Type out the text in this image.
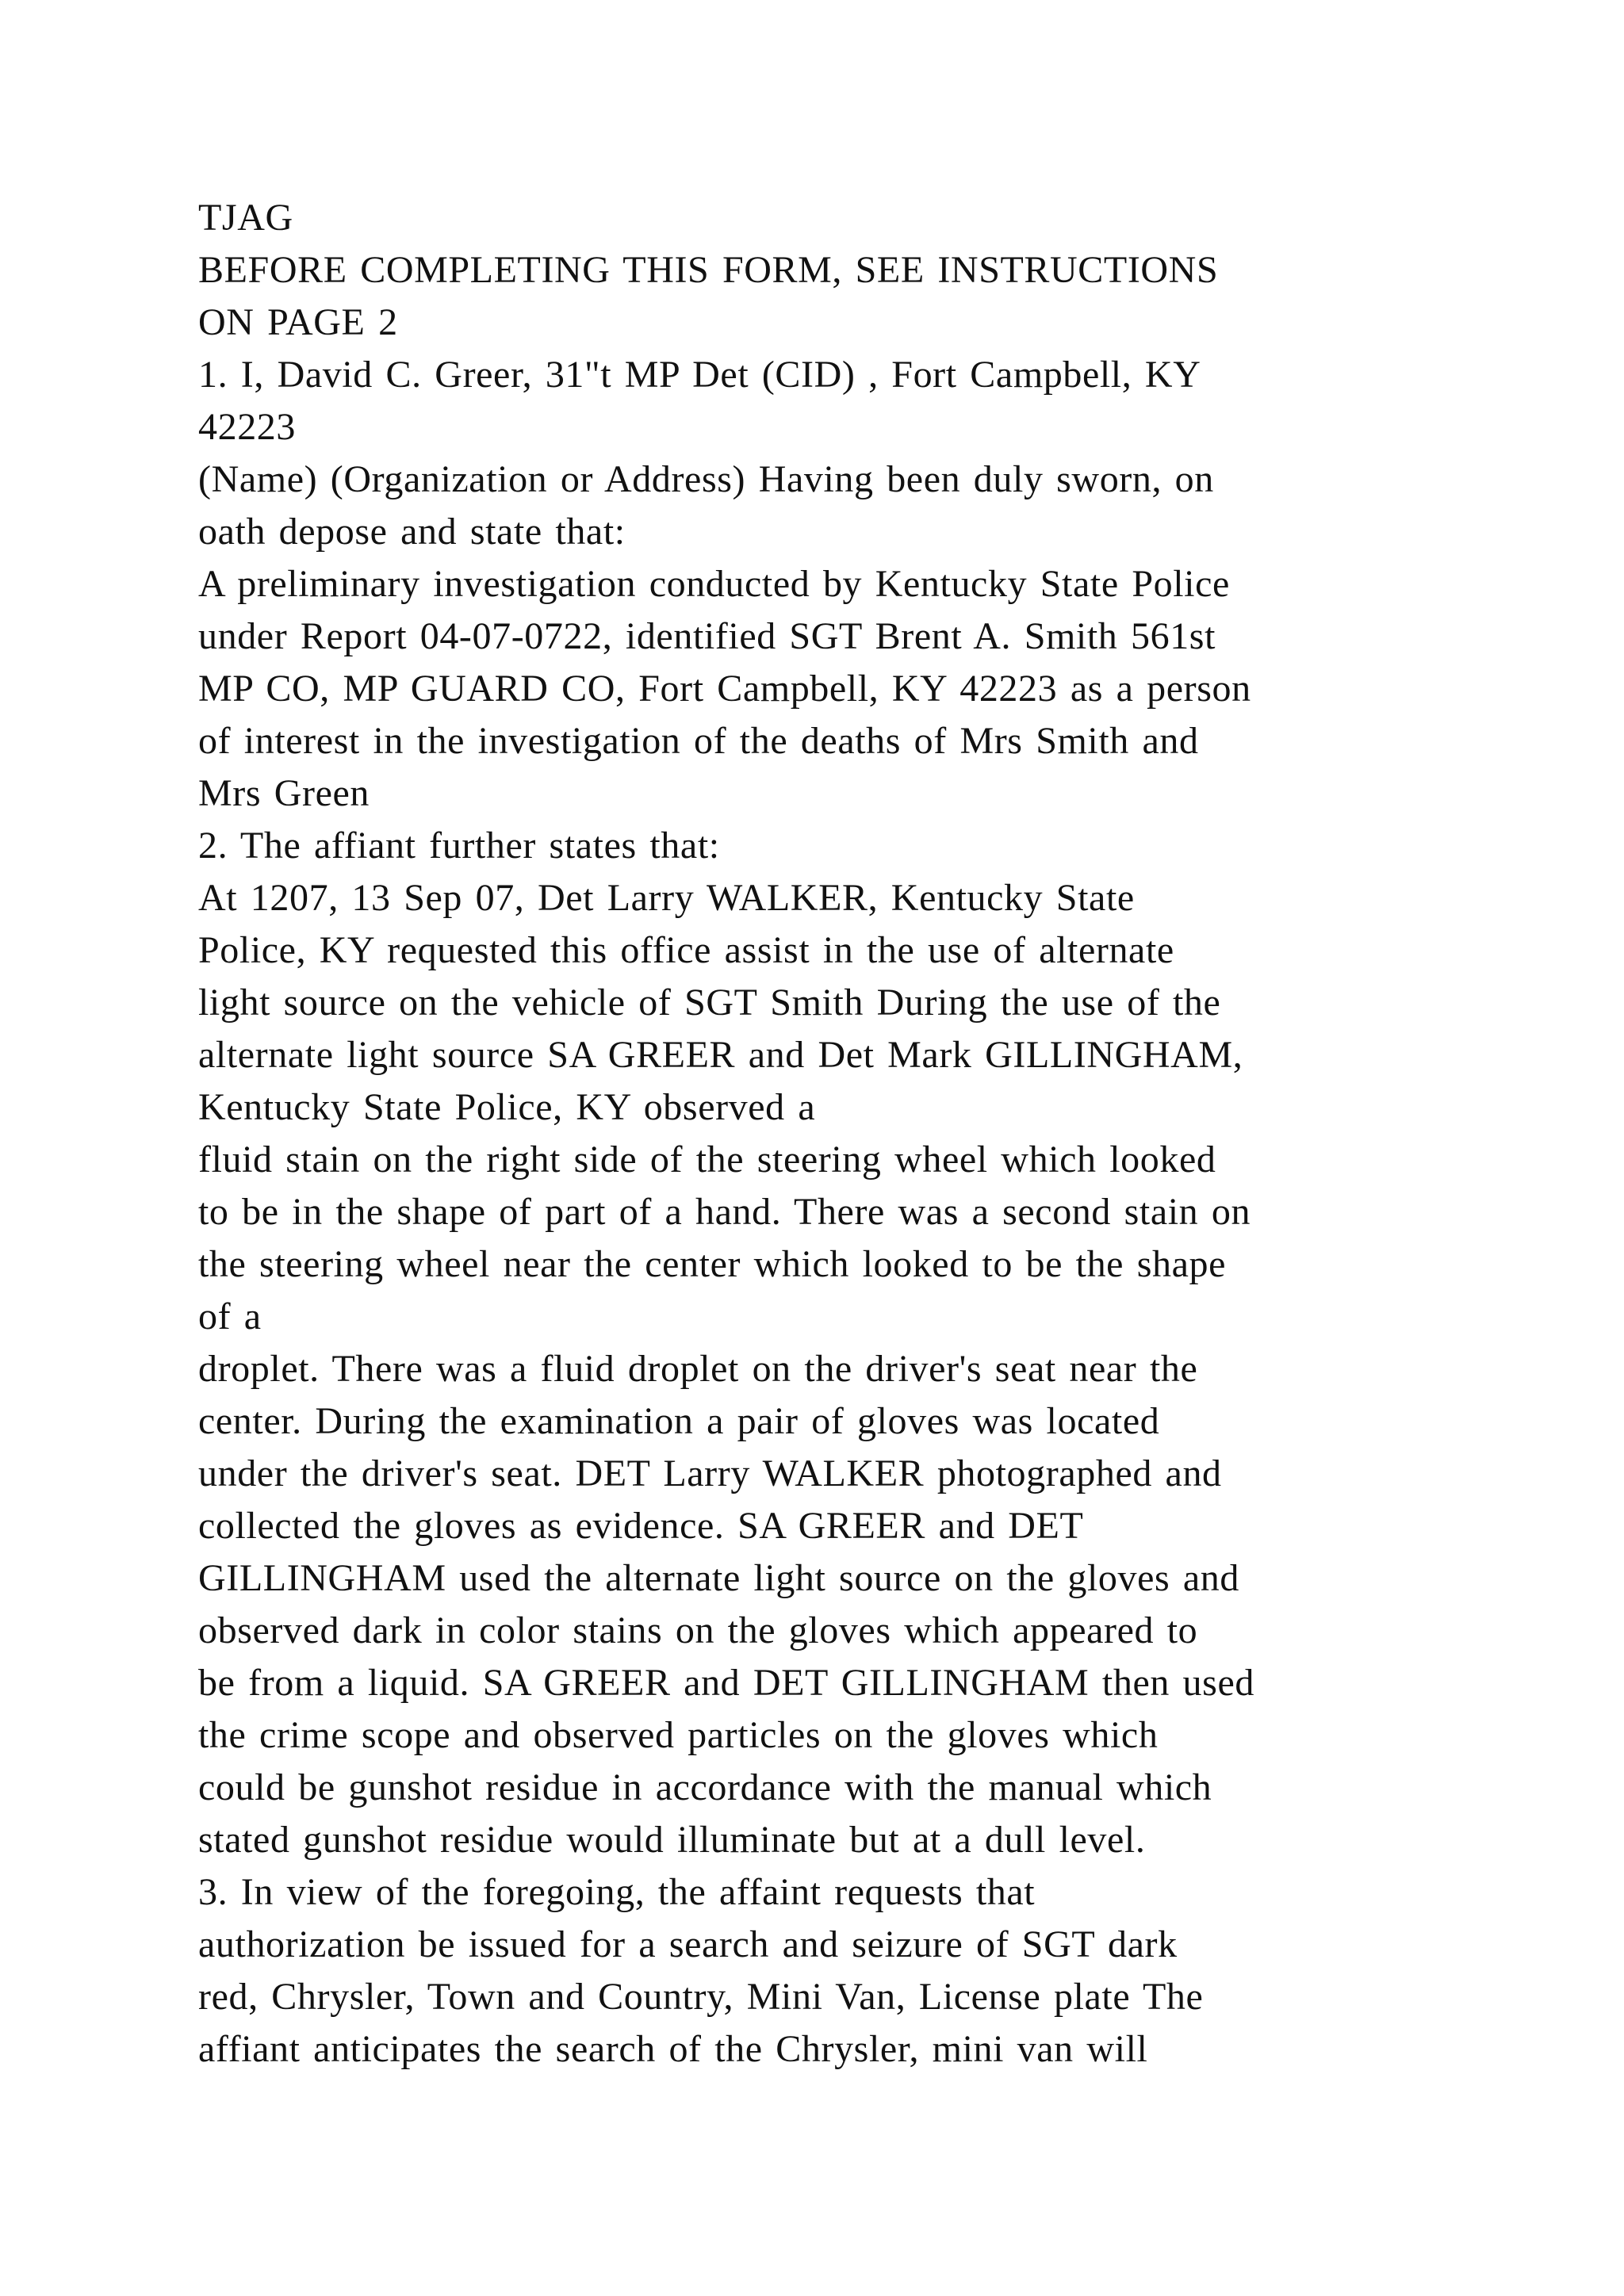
TJAG
BEFORE COMPLETING THIS FORM, SEE INSTRUCTIONS
ON PAGE 2
1. I, David C. Greer, 31"t MP Det (CID) , Fort Campbell, KY
42223
(Name) (Organization or Address) Having been duly sworn, on
oath depose and state that:
A preliminary investigation conducted by Kentucky State Police
under Report 04-07-0722, identified SGT Brent A. Smith 561st
MP CO, MP GUARD CO, Fort Campbell, KY 42223 as a person
of interest in the investigation of the deaths of Mrs Smith and
Mrs Green
2. The affiant further states that:
At 1207, 13 Sep 07, Det Larry WALKER, Kentucky State
Police, KY requested this office assist in the use of alternate
light source on the vehicle of SGT Smith During the use of the
alternate light source SA GREER and Det Mark GILLINGHAM,
Kentucky State Police, KY observed a
fluid stain on the right side of the steering wheel which looked
to be in the shape of part of a hand. There was a second stain on
the steering wheel near the center which looked to be the shape
of a
droplet. There was a fluid droplet on the driver's seat near the
center. During the examination a pair of gloves was located
under the driver's seat. DET Larry WALKER photographed and
collected the gloves as evidence. SA GREER and DET
GILLINGHAM used the alternate light source on the gloves and
observed dark in color stains on the gloves which appeared to
be from a liquid. SA GREER and DET GILLINGHAM then used
the crime scope and observed particles on the gloves which
could be gunshot residue in accordance with the manual which
stated gunshot residue would illuminate but at a dull level.
3. In view of the foregoing, the affaint requests that
authorization be issued for a search and seizure of SGT dark
red, Chrysler, Town and Country, Mini Van, License plate The
affiant anticipates the search of the Chrysler, mini van will
